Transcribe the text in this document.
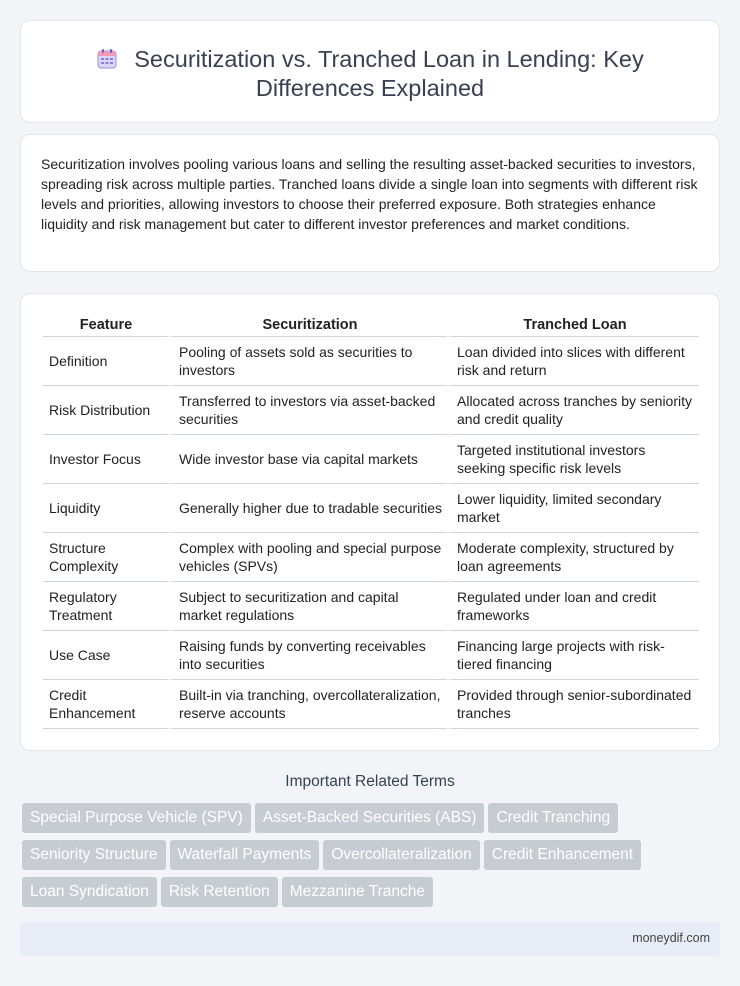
Securitization vs. Tranched Loan in Lending: Key
Differences Explained

Securitization involves pooling various loans and selling the resulting asset-backed securities to investors, spreading risk across multiple parties. Tranched loans divide a single loan into segments with different risk levels and priorities, allowing investors to choose their preferred exposure. Both strategies enhance liquidity and risk management but cater to different investor preferences and market conditions.

Feature	Securitization	Tranched Loan
Definition	Pooling of assets sold as securities to investors	Loan divided into slices with different risk and return
Risk Distribution	Transferred to investors via asset-backed securities	Allocated across tranches by seniority and credit quality
Investor Focus	Wide investor base via capital markets	Targeted institutional investors seeking specific risk levels
Liquidity	Generally higher due to tradable securities	Lower liquidity, limited secondary market
Structure Complexity	Complex with pooling and special purpose vehicles (SPVs)	Moderate complexity, structured by loan agreements
Regulatory Treatment	Subject to securitization and capital market regulations	Regulated under loan and credit frameworks
Use Case	Raising funds by converting receivables into securities	Financing large projects with risk-tiered financing
Credit Enhancement	Built-in via tranching, overcollateralization, reserve accounts	Provided through senior-subordinated tranches
Important Related Terms
Special Purpose Vehicle (SPV) Asset-Backed Securities (ABS) Credit Tranching
Seniority Structure Waterfall Payments Overcollateralization Credit Enhancement
Loan Syndication Risk Retention Mezzanine Tranche
moneydif.com
